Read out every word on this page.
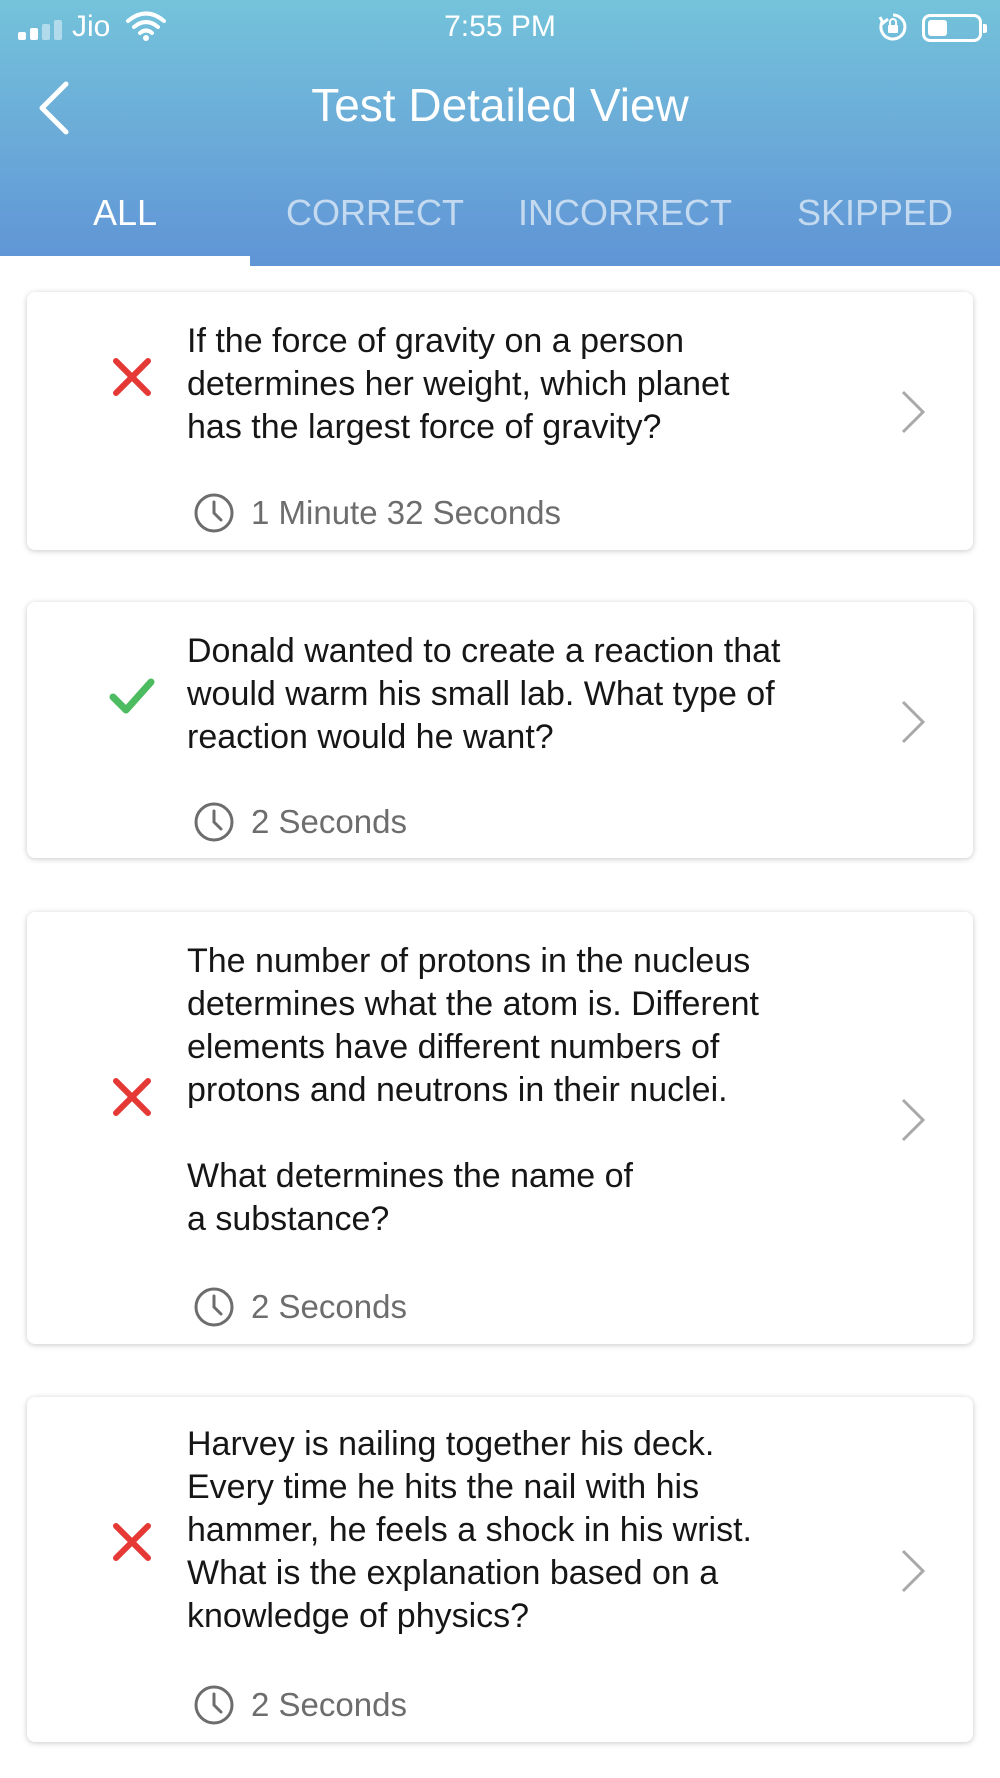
Jio	7:55 PM
Test Detailed View
ALL	CORRECT	INCORRECT	SKIPPED
If the force of gravity on a person
determines her weight, which planet
has the largest force of gravity?
1 Minute 32 Seconds
Donald wanted to create a reaction that
would warm his small lab. What type of
reaction would he want?
2 Seconds
The number of protons in the nucleus
determines what the atom is. Different
elements have different numbers of
protons and neutrons in their nuclei.

What determines the name of
a substance?
2 Seconds
Harvey is nailing together his deck.
Every time he hits the nail with his
hammer, he feels a shock in his wrist.
What is the explanation based on a
knowledge of physics?
2 Seconds
